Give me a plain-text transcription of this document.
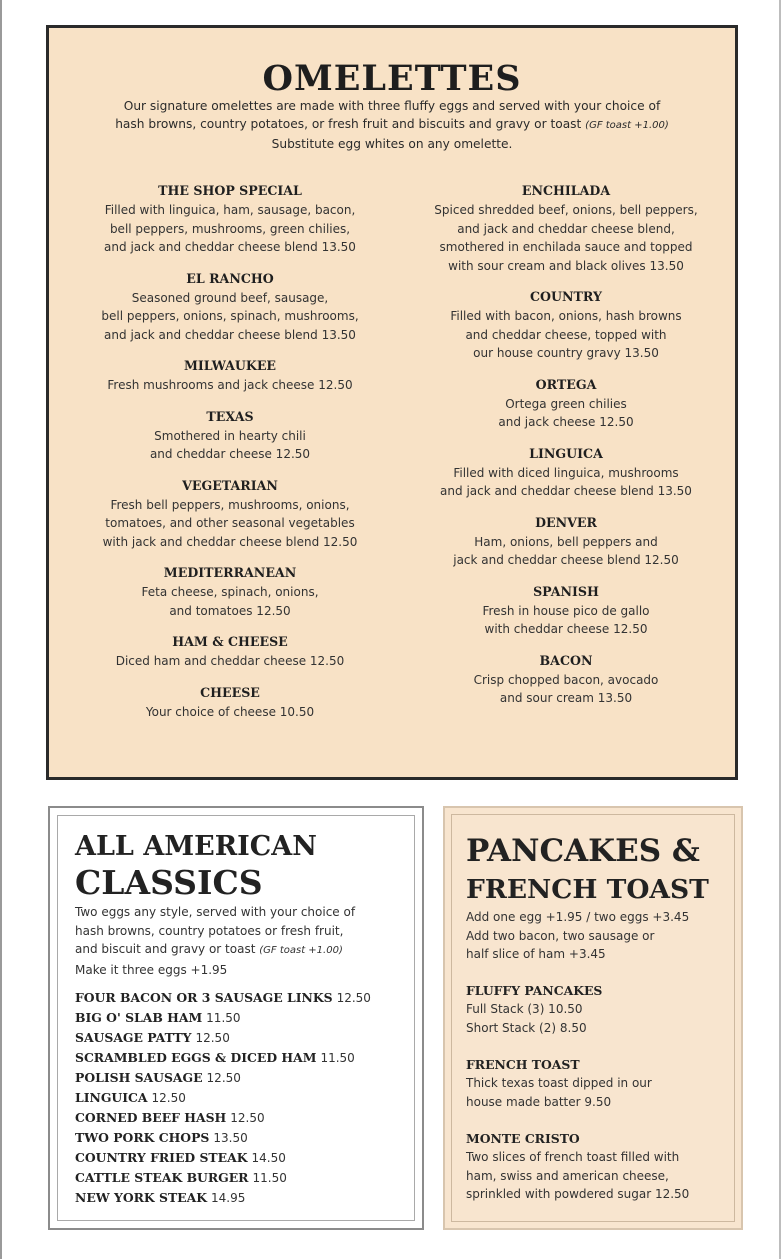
OMELETTES
Our signature omelettes are made with three fluffy eggs and served with your choice of
hash browns, country potatoes, or fresh fruit and biscuits and gravy or toast (GF toast +1.00)
Substitute egg whites on any omelette.
THE SHOP SPECIAL
Filled with linguica, ham, sausage, bacon,
bell peppers, mushrooms, green chilies,
and jack and cheddar cheese blend 13.50
EL RANCHO
Seasoned ground beef, sausage,
bell peppers, onions, spinach, mushrooms,
and jack and cheddar cheese blend 13.50
MILWAUKEE
Fresh mushrooms and jack cheese 12.50
TEXAS
Smothered in hearty chili
and cheddar cheese 12.50
VEGETARIAN
Fresh bell peppers, mushrooms, onions,
tomatoes, and other seasonal vegetables
with jack and cheddar cheese blend 12.50
MEDITERRANEAN
Feta cheese, spinach, onions,
and tomatoes 12.50
HAM & CHEESE
Diced ham and cheddar cheese 12.50
CHEESE
Your choice of cheese 10.50
ENCHILADA
Spiced shredded beef, onions, bell peppers,
and jack and cheddar cheese blend,
smothered in enchilada sauce and topped
with sour cream and black olives 13.50
COUNTRY
Filled with bacon, onions, hash browns
and cheddar cheese, topped with
our house country gravy 13.50
ORTEGA
Ortega green chilies
and jack cheese 12.50
LINGUICA
Filled with diced linguica, mushrooms
and jack and cheddar cheese blend 13.50
DENVER
Ham, onions, bell peppers and
jack and cheddar cheese blend 12.50
SPANISH
Fresh in house pico de gallo
with cheddar cheese 12.50
BACON
Crisp chopped bacon, avocado
and sour cream 13.50
ALL AMERICAN
CLASSICS
Two eggs any style, served with your choice of
hash browns, country potatoes or fresh fruit,
and biscuit and gravy or toast (GF toast +1.00)
Make it three eggs +1.95
FOUR BACON OR 3 SAUSAGE LINKS 12.50
BIG O' SLAB HAM 11.50
SAUSAGE PATTY 12.50
SCRAMBLED EGGS & DICED HAM 11.50
POLISH SAUSAGE 12.50
LINGUICA 12.50
CORNED BEEF HASH 12.50
TWO PORK CHOPS 13.50
COUNTRY FRIED STEAK 14.50
CATTLE STEAK BURGER 11.50
NEW YORK STEAK 14.95
PANCAKES &
FRENCH TOAST
Add one egg +1.95 / two eggs +3.45
Add two bacon, two sausage or
half slice of ham +3.45
FLUFFY PANCAKES
Full Stack (3) 10.50
Short Stack (2) 8.50
FRENCH TOAST
Thick texas toast dipped in our
house made batter 9.50
MONTE CRISTO
Two slices of french toast filled with
ham, swiss and american cheese,
sprinkled with powdered sugar 12.50
